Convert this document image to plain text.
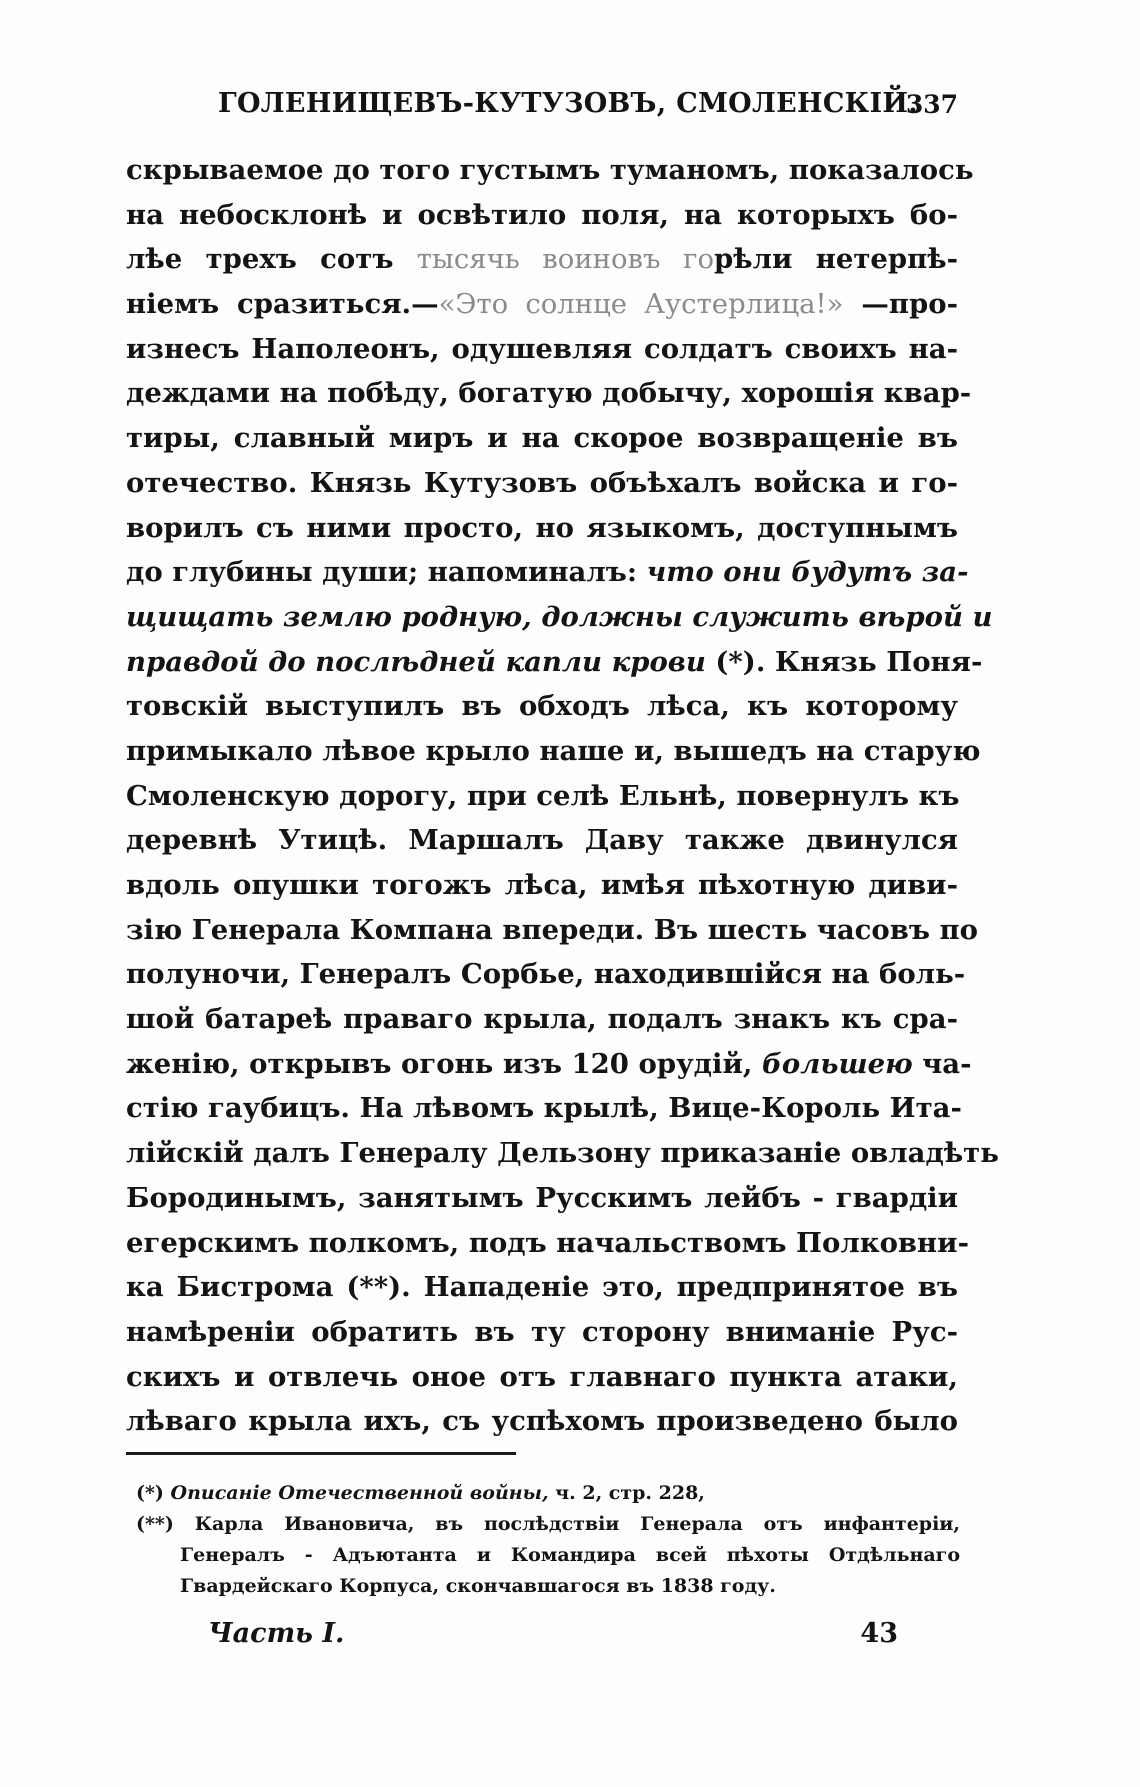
ГОЛЕНИЩЕВЪ-КУТУЗОВЪ, СМОЛЕНСКІЙ.
337
скрываемое до того густымъ туманомъ, показалось
на небосклонѣ и освѣтило поля, на которыхъ бо-
лѣе трехъ сотъ тысячь воиновъ горѣли нетерпѣ-
ніемъ сразиться.—«Это солнце Аустерлица!» —про-
изнесъ Наполеонъ, одушевляя солдатъ своихъ на-
деждами на побѣду, богатую добычу, хорошія квар-
тиры, славный миръ и на скорое возвращеніе въ
отечество. Князь Кутузовъ объѣхалъ войска и го-
ворилъ съ ними просто, но языкомъ, доступнымъ
до глубины души; напоминалъ: что они будутъ за-
щищать землю родную, должны служить вѣрой и
правдой до послѣдней капли крови (*). Князь Поня-
товскій выступилъ въ обходъ лѣса, къ которому
примыкало лѣвое крыло наше и, вышедъ на старую
Смоленскую дорогу, при селѣ Ельнѣ, повернулъ къ
деревнѣ Утицѣ. Маршалъ Даву также двинулся
вдоль опушки тогожъ лѣса, имѣя пѣхотную диви-
зію Генерала Компана впереди. Въ шесть часовъ по
полуночи, Генералъ Сорбье, находившійся на боль-
шой батареѣ праваго крыла, подалъ знакъ къ сра-
женію, открывъ огонь изъ 120 орудій, большею ча-
стію гаубицъ. На лѣвомъ крылѣ, Вице-Король Ита-
лійскій далъ Генералу Дельзону приказаніе овладѣть
Бородинымъ, занятымъ Русскимъ лейбъ - гвардіи
егерскимъ полкомъ, подъ начальствомъ Полковни-
ка Бистрома (**). Нападеніе это, предпринятое въ
намѣреніи обратить въ ту сторону вниманіе Рус-
скихъ и отвлечь оное отъ главнаго пункта атаки,
лѣваго крыла ихъ, съ успѣхомъ произведено было
(*) Описаніе Отечественной войны, ч. 2, стр. 228,
(**) Карла Ивановича, въ послѣдствіи Генерала отъ инфантеріи,
Генералъ - Адъютанта и Командира всей пѣхоты Отдѣльнаго
Гвардейскаго Корпуса, скончавшагося въ 1838 году.
Часть I.	43
